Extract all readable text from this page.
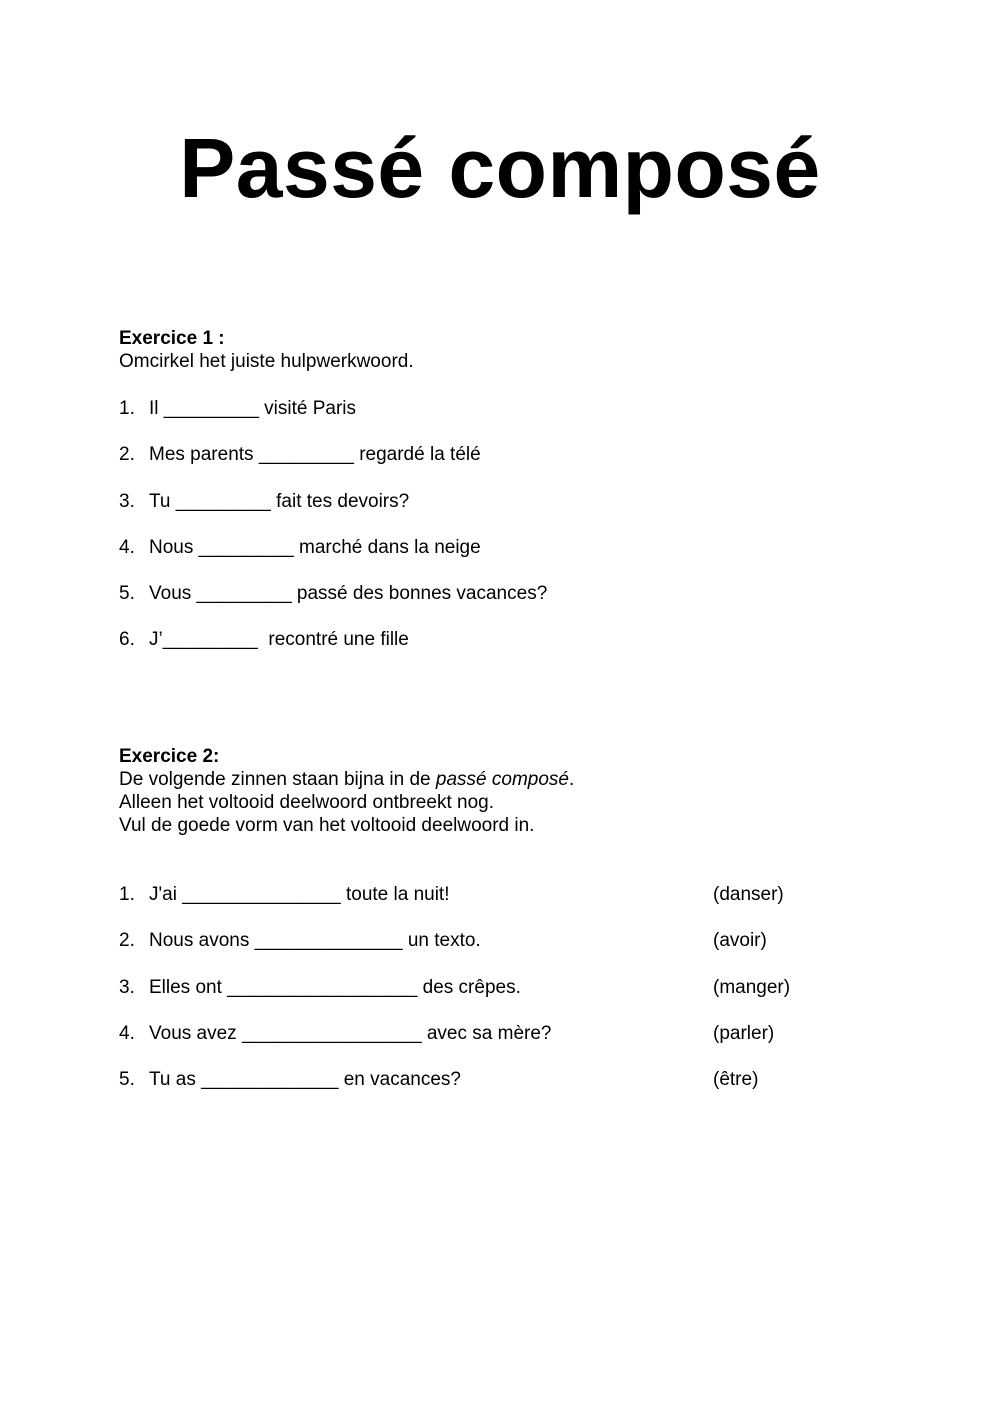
Passé composé

Exercice 1 :

Omcirkel het juiste hulpwerkwoord.

1. Il _________ visité Paris
2. Mes parents _________ regardé la télé
3. Tu _________ fait tes devoirs?
4. Nous _________ marché dans la neige
5. Vous _________ passé des bonnes vacances?
6. J’_________  recontré une fille

Exercice 2:

De volgende zinnen staan bijna in de passé composé.

Alleen het voltooid deelwoord ontbreekt nog.

Vul de goede vorm van het voltooid deelwoord in.

1. J'ai _______________ toute la nuit!	(danser)
2. Nous avons ______________ un texto.	(avoir)
3. Elles ont __________________ des crêpes.	(manger)
4. Vous avez _________________ avec sa mère?	(parler)
5. Tu as _____________ en vacances?	(être)
